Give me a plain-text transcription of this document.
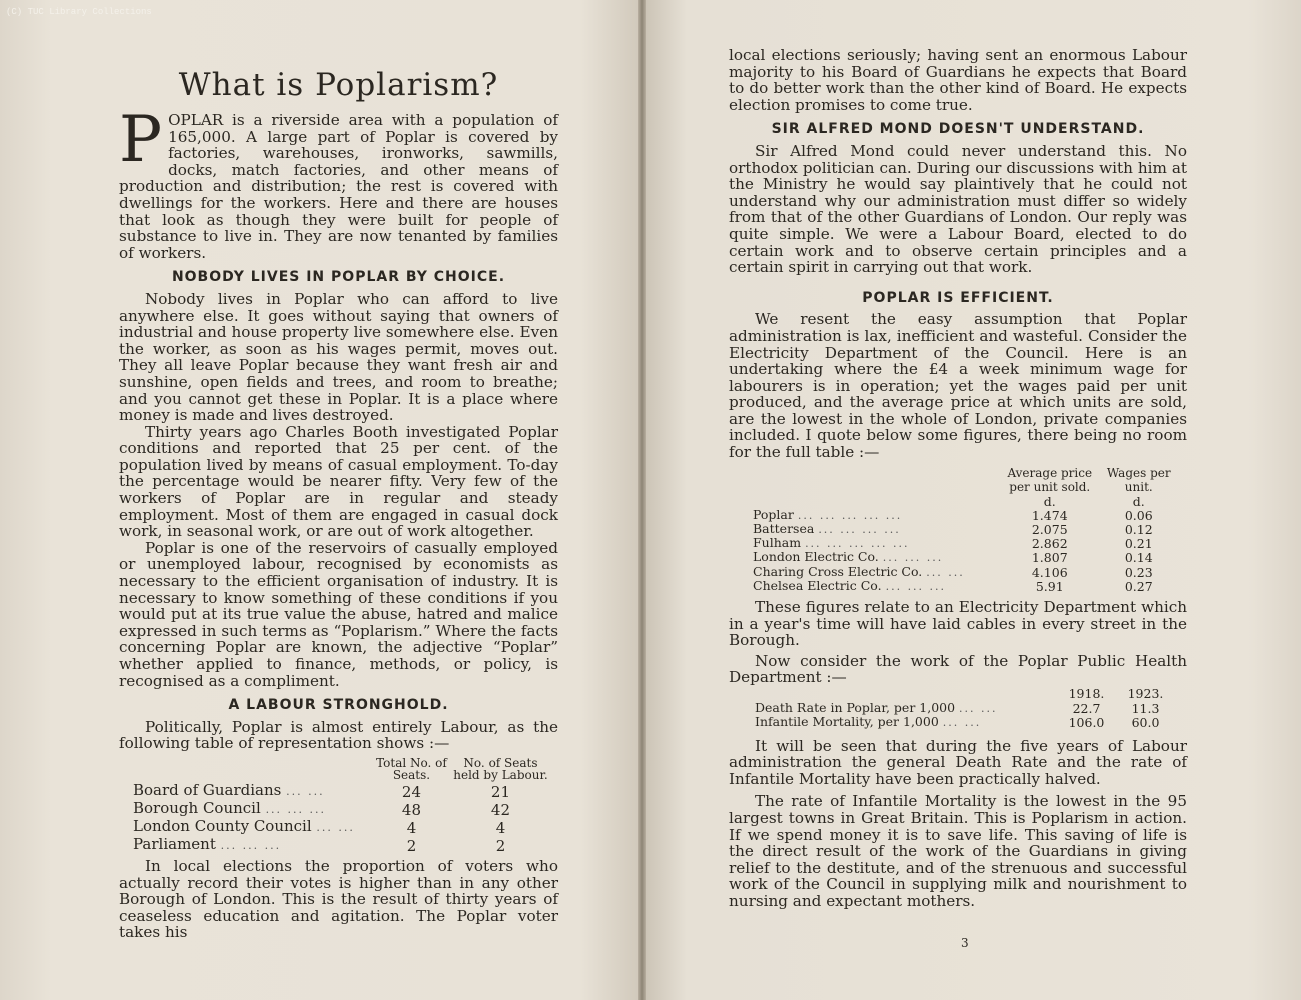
What is Poplarism?

POPLAR is a riverside area with a population of 165,000. A large part of Poplar is covered by factories, warehouses, ironworks, sawmills, docks, match factories, and other means of production and distribution; the rest is covered with dwellings for the workers. Here and there are houses that look as though they were built for people of substance to live in. They are now tenanted by families of workers.

NOBODY LIVES IN POPLAR BY CHOICE.

Nobody lives in Poplar who can afford to live anywhere else. It goes without saying that owners of industrial and house property live somewhere else. Even the worker, as soon as his wages permit, moves out. They all leave Poplar because they want fresh air and sunshine, open fields and trees, and room to breathe; and you cannot get these in Poplar. It is a place where money is made and lives destroyed.

Thirty years ago Charles Booth investigated Poplar conditions and reported that 25 per cent. of the population lived by means of casual employment. To-day the percentage would be nearer fifty. Very few of the workers of Poplar are in regular and steady employment. Most of them are engaged in casual dock work, in seasonal work, or are out of work altogether.

Poplar is one of the reservoirs of casually employed or unemployed labour, recognised by economists as necessary to the efficient organisation of industry. It is necessary to know something of these conditions if you would put at its true value the abuse, hatred and malice expressed in such terms as “Poplarism.” Where the facts concerning Poplar are known, the adjective “Poplar” whether applied to finance, methods, or policy, is recognised as a compliment.

A LABOUR STRONGHOLD.

Politically, Poplar is almost entirely Labour, as the following table of representation shows :—

	Total No. of Seats.	No. of Seats held by Labour.
Board of Guardians ... ...	24	21
Borough Council ... ... ...	48	42
London County Council ... ...	4	4
Parliament ... ... ...	2	2

In local elections the proportion of voters who actually record their votes is higher than in any other Borough of London. This is the result of thirty years of ceaseless education and agitation. The Poplar voter takes his

local elections seriously; having sent an enormous Labour majority to his Board of Guardians he expects that Board to do better work than the other kind of Board. He expects election promises to come true.

SIR ALFRED MOND DOESN'T UNDERSTAND.

Sir Alfred Mond could never understand this. No orthodox politician can. During our discussions with him at the Ministry he would say plaintively that he could not understand why our administration must differ so widely from that of the other Guardians of London. Our reply was quite simple. We were a Labour Board, elected to do certain work and to observe certain principles and a certain spirit in carrying out that work.

POPLAR IS EFFICIENT.

We resent the easy assumption that Poplar administration is lax, inefficient and wasteful. Consider the Electricity Department of the Council. Here is an undertaking where the £4 a week minimum wage for labourers is in operation; yet the wages paid per unit produced, and the average price at which units are sold, are the lowest in the whole of London, private companies included. I quote below some figures, there being no room for the full table :—

	Average price per unit sold.	Wages per unit.
	d.	d.
Poplar ... ... ... ... ...	1.474	0.06
Battersea ... ... ... ...	2.075	0.12
Fulham ... ... ... ... ...	2.862	0.21
London Electric Co. ... ... ...	1.807	0.14
Charing Cross Electric Co. ... ...	4.106	0.23
Chelsea Electric Co. ... ... ...	5.91	0.27

These figures relate to an Electricity Department which in a year's time will have laid cables in every street in the Borough.

Now consider the work of the Poplar Public Health Department :—

	1918.	1923.
Death Rate in Poplar, per 1,000 ... ...	22.7	11.3
Infantile Mortality, per 1,000 ... ...	106.0	60.0

It will be seen that during the five years of Labour administration the general Death Rate and the rate of Infantile Mortality have been practically halved.

The rate of Infantile Mortality is the lowest in the 95 largest towns in Great Britain. This is Poplarism in action. If we spend money it is to save life. This saving of life is the direct result of the work of the Guardians in giving relief to the destitute, and of the strenuous and successful work of the Council in supplying milk and nourishment to nursing and expectant mothers.

3
(C) TUC Library Collections
